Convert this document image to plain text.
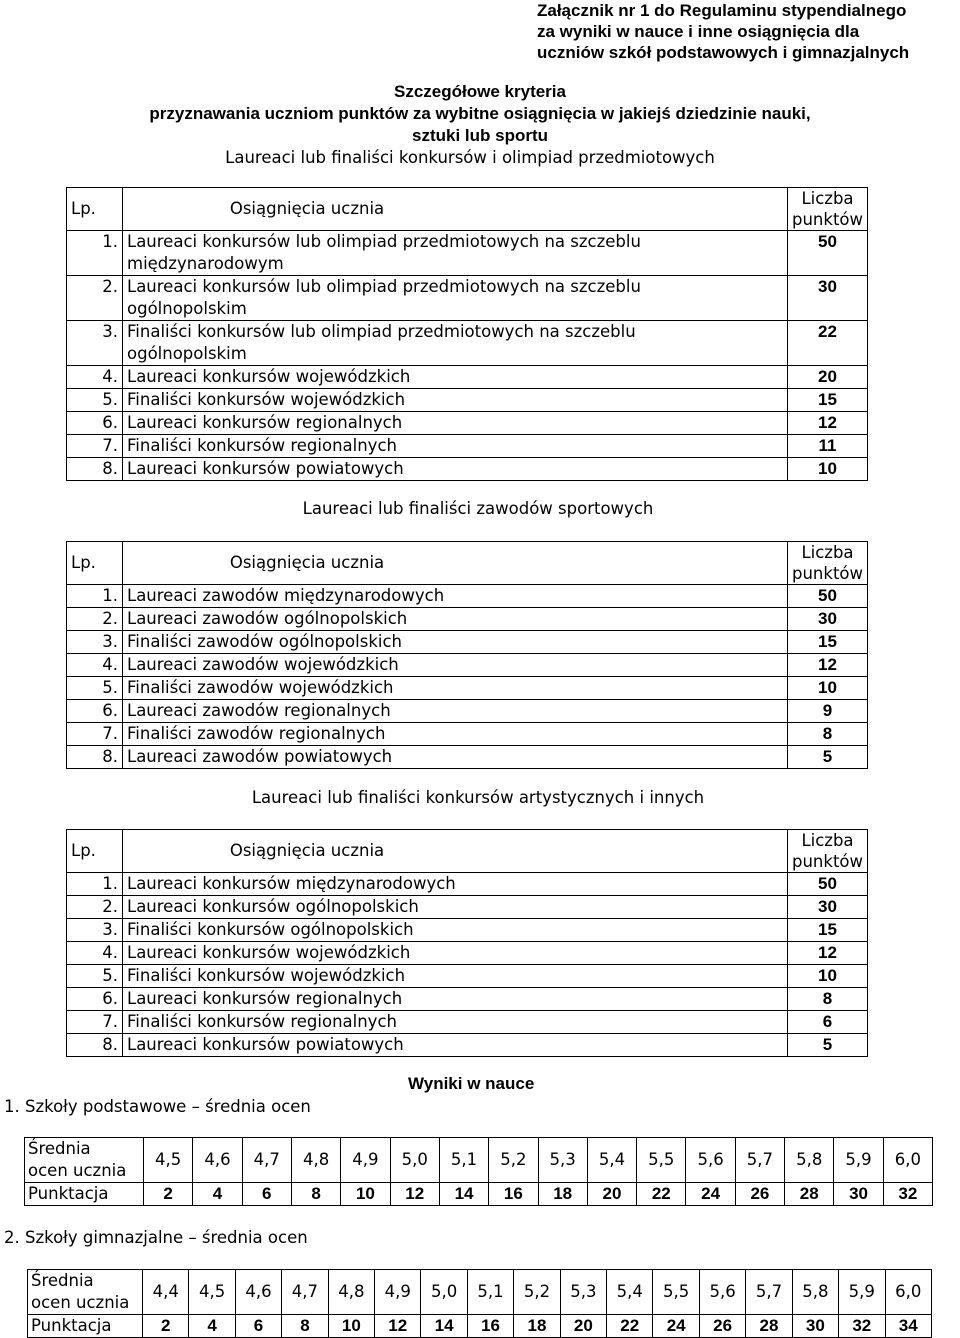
Załącznik nr 1 do Regulaminu stypendialnego
za wyniki w nauce i inne osiągnięcia dla
uczniów szkół podstawowych i gimnazjalnych
Szczegółowe kryteria
przyznawania uczniom punktów za wybitne osiągnięcia w jakiejś dziedzinie nauki,
sztuki lub sportu
Laureaci lub finaliści konkursów i olimpiad przedmiotowych
Lp.	Osiągnięcia ucznia	Liczba
punktów
1.	Laureaci konkursów lub olimpiad przedmiotowych na szczeblu międzynarodowym	50
2.	Laureaci konkursów lub olimpiad przedmiotowych na szczeblu ogólnopolskim	30
3.	Finaliści konkursów lub olimpiad przedmiotowych na szczeblu ogólnopolskim	22
4.	Laureaci konkursów wojewódzkich	20
5.	Finaliści konkursów wojewódzkich	15
6.	Laureaci konkursów regionalnych	12
7.	Finaliści konkursów regionalnych	11
8.	Laureaci konkursów powiatowych	10
Laureaci lub finaliści zawodów sportowych
Lp.	Osiągnięcia ucznia	Liczba
punktów
1.	Laureaci zawodów międzynarodowych	50
2.	Laureaci zawodów ogólnopolskich	30
3.	Finaliści zawodów ogólnopolskich	15
4.	Laureaci zawodów wojewódzkich	12
5.	Finaliści zawodów wojewódzkich	10
6.	Laureaci zawodów regionalnych	9
7.	Finaliści zawodów regionalnych	8
8.	Laureaci zawodów powiatowych	5
Laureaci lub finaliści konkursów artystycznych i innych
Lp.	Osiągnięcia ucznia	Liczba
punktów
1.	Laureaci konkursów międzynarodowych	50
2.	Laureaci konkursów ogólnopolskich	30
3.	Finaliści konkursów ogólnopolskich	15
4.	Laureaci konkursów wojewódzkich	12
5.	Finaliści konkursów wojewódzkich	10
6.	Laureaci konkursów regionalnych	8
7.	Finaliści konkursów regionalnych	6
8.	Laureaci konkursów powiatowych	5
Wyniki w nauce
1. Szkoły podstawowe – średnia ocen
Średnia
ocen ucznia	4,5	4,6	4,7	4,8	4,9	5,0	5,1	5,2	5,3	5,4	5,5	5,6	5,7	5,8	5,9	6,0
Punktacja	2	4	6	8	10	12	14	16	18	20	22	24	26	28	30	32
2. Szkoły gimnazjalne – średnia ocen
Średnia
ocen ucznia	4,4	4,5	4,6	4,7	4,8	4,9	5,0	5,1	5,2	5,3	5,4	5,5	5,6	5,7	5,8	5,9	6,0
Punktacja	2	4	6	8	10	12	14	16	18	20	22	24	26	28	30	32	34
